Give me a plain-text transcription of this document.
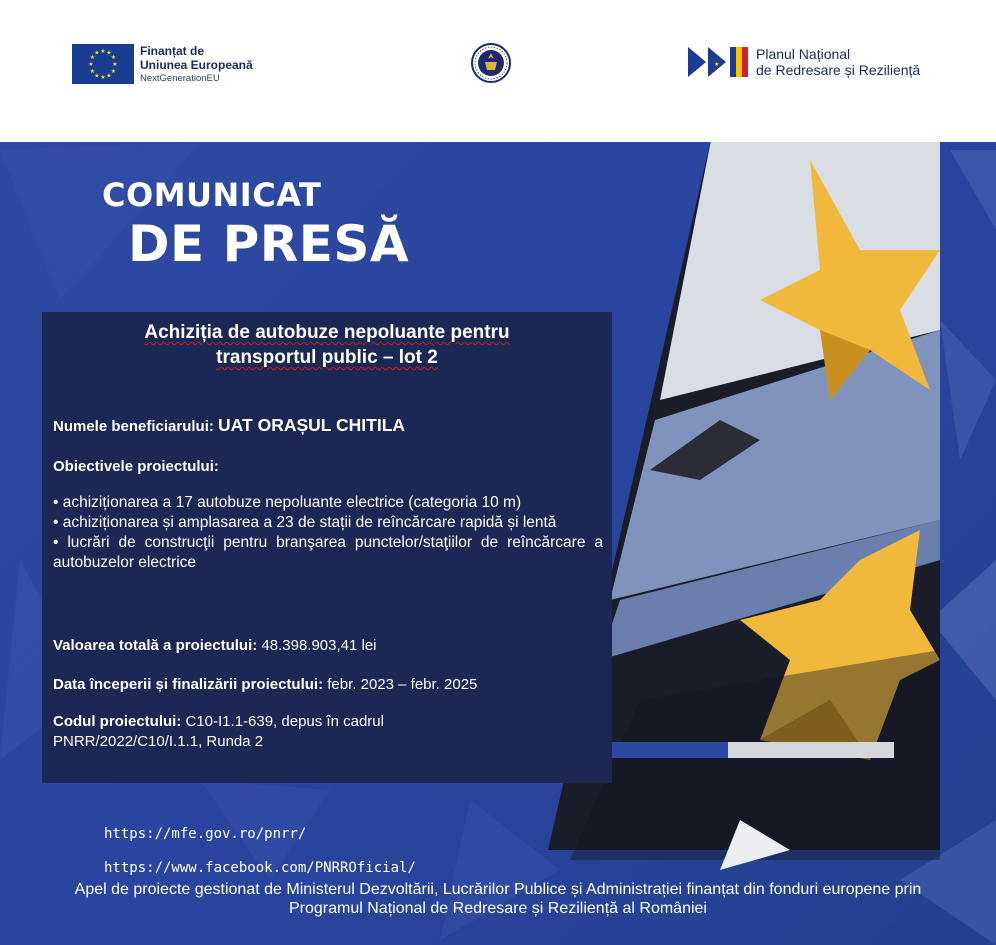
★ ★
★
★
★
★
★
★
★
★
★
★	Finanțat de
Uniunea Europeană
NextGenerationEU
★
Planul Național
de Redresare și Reziliență
COMUNICAT
DE PRESĂ
Achiziția de autobuze nepoluante pentru
transportul public – lot 2
Numele beneficiarului: UAT ORAȘUL CHITILA
Obiectivele proiectului:
• achiziționarea a 17 autobuze nepoluante electrice (categoria 10 m)
• achiziționarea și amplasarea a 23 de stații de reîncărcare rapidă și lentă
• lucrări de construcţii pentru branşarea punctelor/staţiilor de reîncărcare a autobuzelor electrice
Valoarea totală a proiectului: 48.398.903,41 lei
Data începerii și finalizării proiectului: febr. 2023 – febr. 2025
Codul proiectului: C10-I1.1-639, depus în cadrul
PNRR/2022/C10/I.1.1, Runda 2
https://mfe.gov.ro/pnrr/
https://www.facebook.com/PNRROficial/
Apel de proiecte gestionat de Ministerul Dezvoltării, Lucrărilor Publice și Administrației finanțat din fonduri europene prin
Programul Național de Redresare și Reziliență al României
